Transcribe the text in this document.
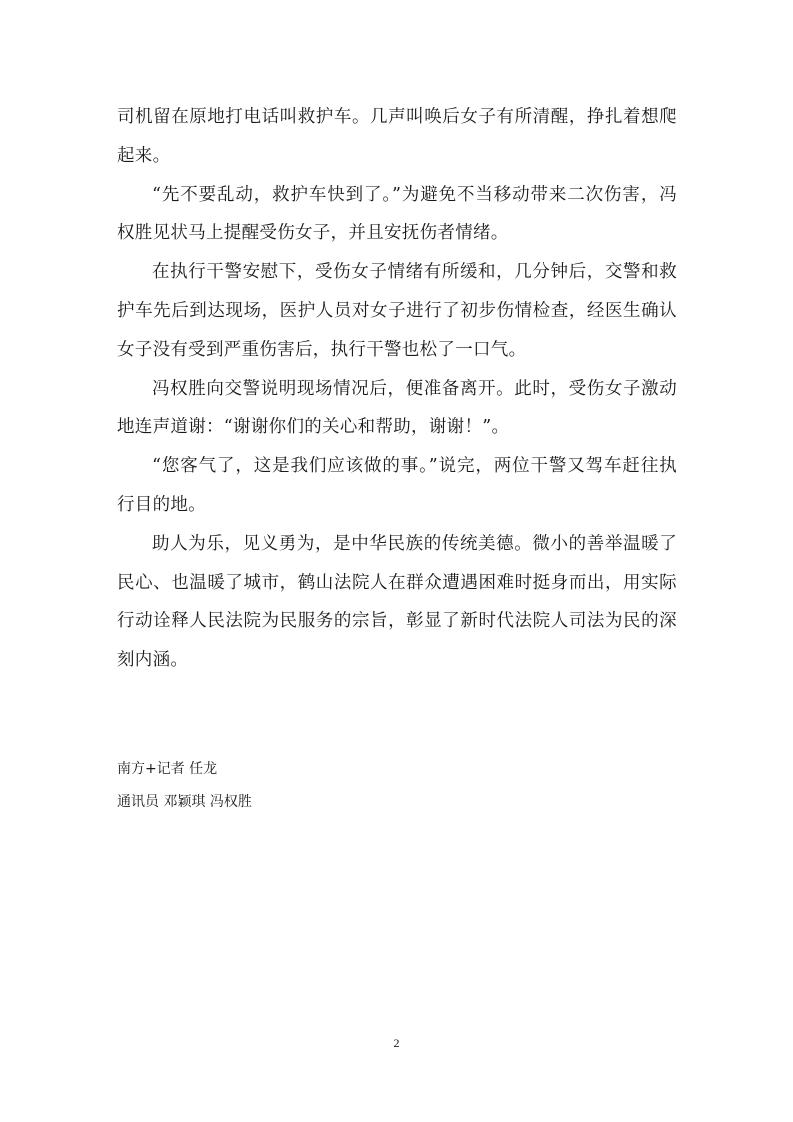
司机留在原地打电话叫救护车。几声叫唤后女子有所清醒，挣扎着想爬起来。

“先不要乱动，救护车快到了。”为避免不当移动带来二次伤害，冯权胜见状马上提醒受伤女子，并且安抚伤者情绪。

在执行干警安慰下，受伤女子情绪有所缓和，几分钟后，交警和救护车先后到达现场，医护人员对女子进行了初步伤情检查，经医生确认女子没有受到严重伤害后，执行干警也松了一口气。

冯权胜向交警说明现场情况后，便准备离开。此时，受伤女子激动地连声道谢：“谢谢你们的关心和帮助，谢谢！”。

“您客气了，这是我们应该做的事。”说完，两位干警又驾车赶往执行目的地。

助人为乐，见义勇为，是中华民族的传统美德。微小的善举温暖了民心、也温暖了城市，鹤山法院人在群众遭遇困难时挺身而出，用实际行动诠释人民法院为民服务的宗旨，彰显了新时代法院人司法为民的深刻内涵。

南方+记者 任龙

通讯员 邓颖琪 冯权胜

2
